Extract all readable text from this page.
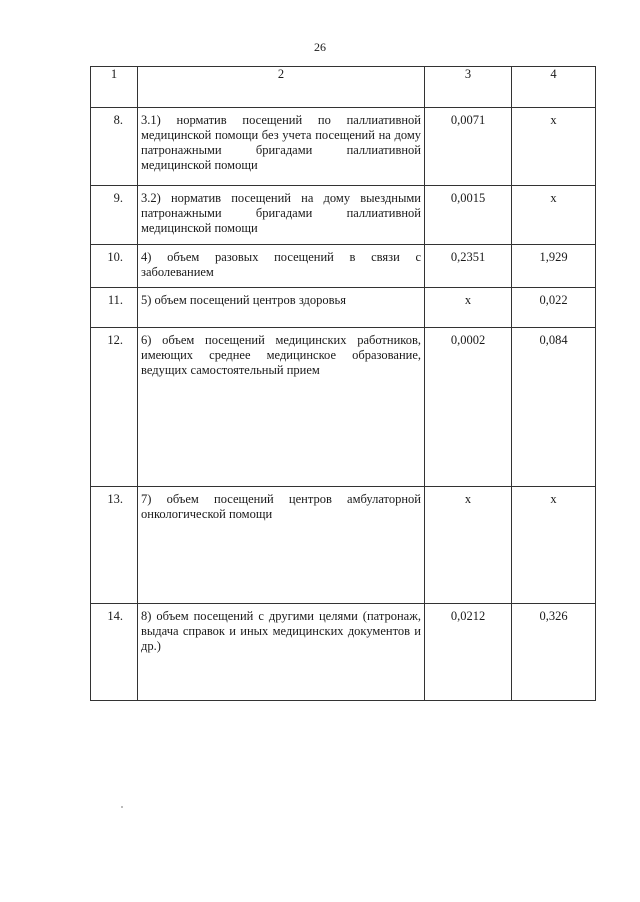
26
1	2	3	4
8.	3.1) норматив посещений по паллиативной медицинской помощи без учета посещений на дому патронажными бригадами паллиативной медицинской помощи	0,0071	х
9.	3.2) норматив посещений на дому выездными патронажными бригадами паллиативной медицинской помощи	0,0015	х
10.	4) объем разовых посещений в связи с заболеванием	0,2351	1,929
11.	5) объем посещений центров здоровья	х	0,022
12.	6) объем посещений медицинских работников, имеющих среднее медицинское образование, ведущих самостоятельный прием	0,0002	0,084
13.	7) объем посещений центров амбулаторной онкологической помощи	х	х
14.	8) объем посещений с другими целями (патронаж, выдача справок и иных медицинских документов и др.)	0,0212	0,326
